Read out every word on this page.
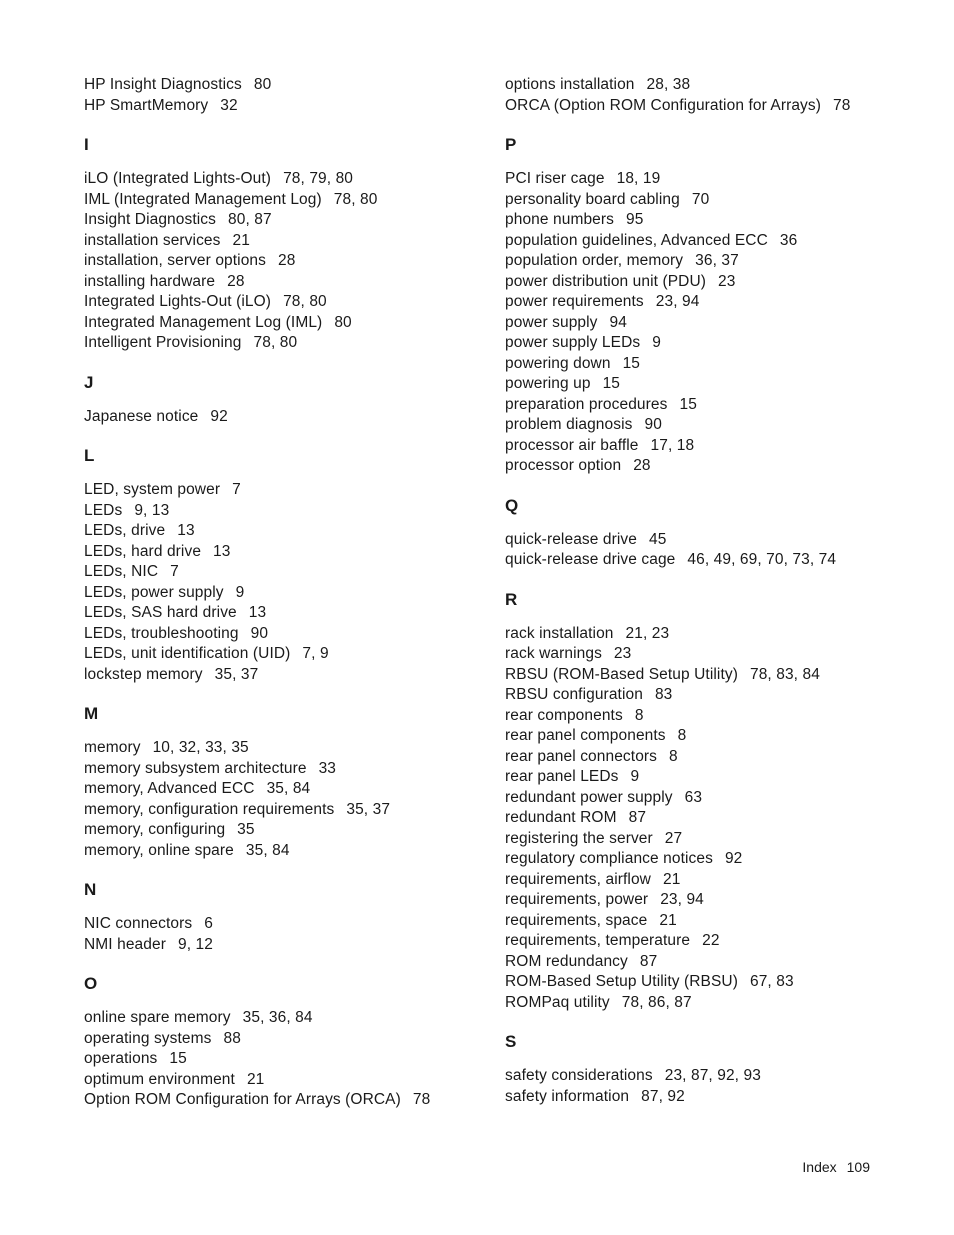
HP Insight Diagnostics 80
HP SmartMemory 32
I
iLO (Integrated Lights-Out) 78, 79, 80
IML (Integrated Management Log) 78, 80
Insight Diagnostics 80, 87
installation services 21
installation, server options 28
installing hardware 28
Integrated Lights-Out (iLO) 78, 80
Integrated Management Log (IML) 80
Intelligent Provisioning 78, 80
J
Japanese notice 92
L
LED, system power 7
LEDs 9, 13
LEDs, drive 13
LEDs, hard drive 13
LEDs, NIC 7
LEDs, power supply 9
LEDs, SAS hard drive 13
LEDs, troubleshooting 90
LEDs, unit identification (UID) 7, 9
lockstep memory 35, 37
M
memory 10, 32, 33, 35
memory subsystem architecture 33
memory, Advanced ECC 35, 84
memory, configuration requirements 35, 37
memory, configuring 35
memory, online spare 35, 84
N
NIC connectors 6
NMI header 9, 12
O
online spare memory 35, 36, 84
operating systems 88
operations 15
optimum environment 21
Option ROM Configuration for Arrays (ORCA) 78
options installation 28, 38
ORCA (Option ROM Configuration for Arrays) 78
P
PCI riser cage 18, 19
personality board cabling 70
phone numbers 95
population guidelines, Advanced ECC 36
population order, memory 36, 37
power distribution unit (PDU) 23
power requirements 23, 94
power supply 94
power supply LEDs 9
powering down 15
powering up 15
preparation procedures 15
problem diagnosis 90
processor air baffle 17, 18
processor option 28
Q
quick-release drive 45
quick-release drive cage 46, 49, 69, 70, 73, 74
R
rack installation 21, 23
rack warnings 23
RBSU (ROM-Based Setup Utility) 78, 83, 84
RBSU configuration 83
rear components 8
rear panel components 8
rear panel connectors 8
rear panel LEDs 9
redundant power supply 63
redundant ROM 87
registering the server 27
regulatory compliance notices 92
requirements, airflow 21
requirements, power 23, 94
requirements, space 21
requirements, temperature 22
ROM redundancy 87
ROM-Based Setup Utility (RBSU) 67, 83
ROMPaq utility 78, 86, 87
S
safety considerations 23, 87, 92, 93
safety information 87, 92
Index 109
